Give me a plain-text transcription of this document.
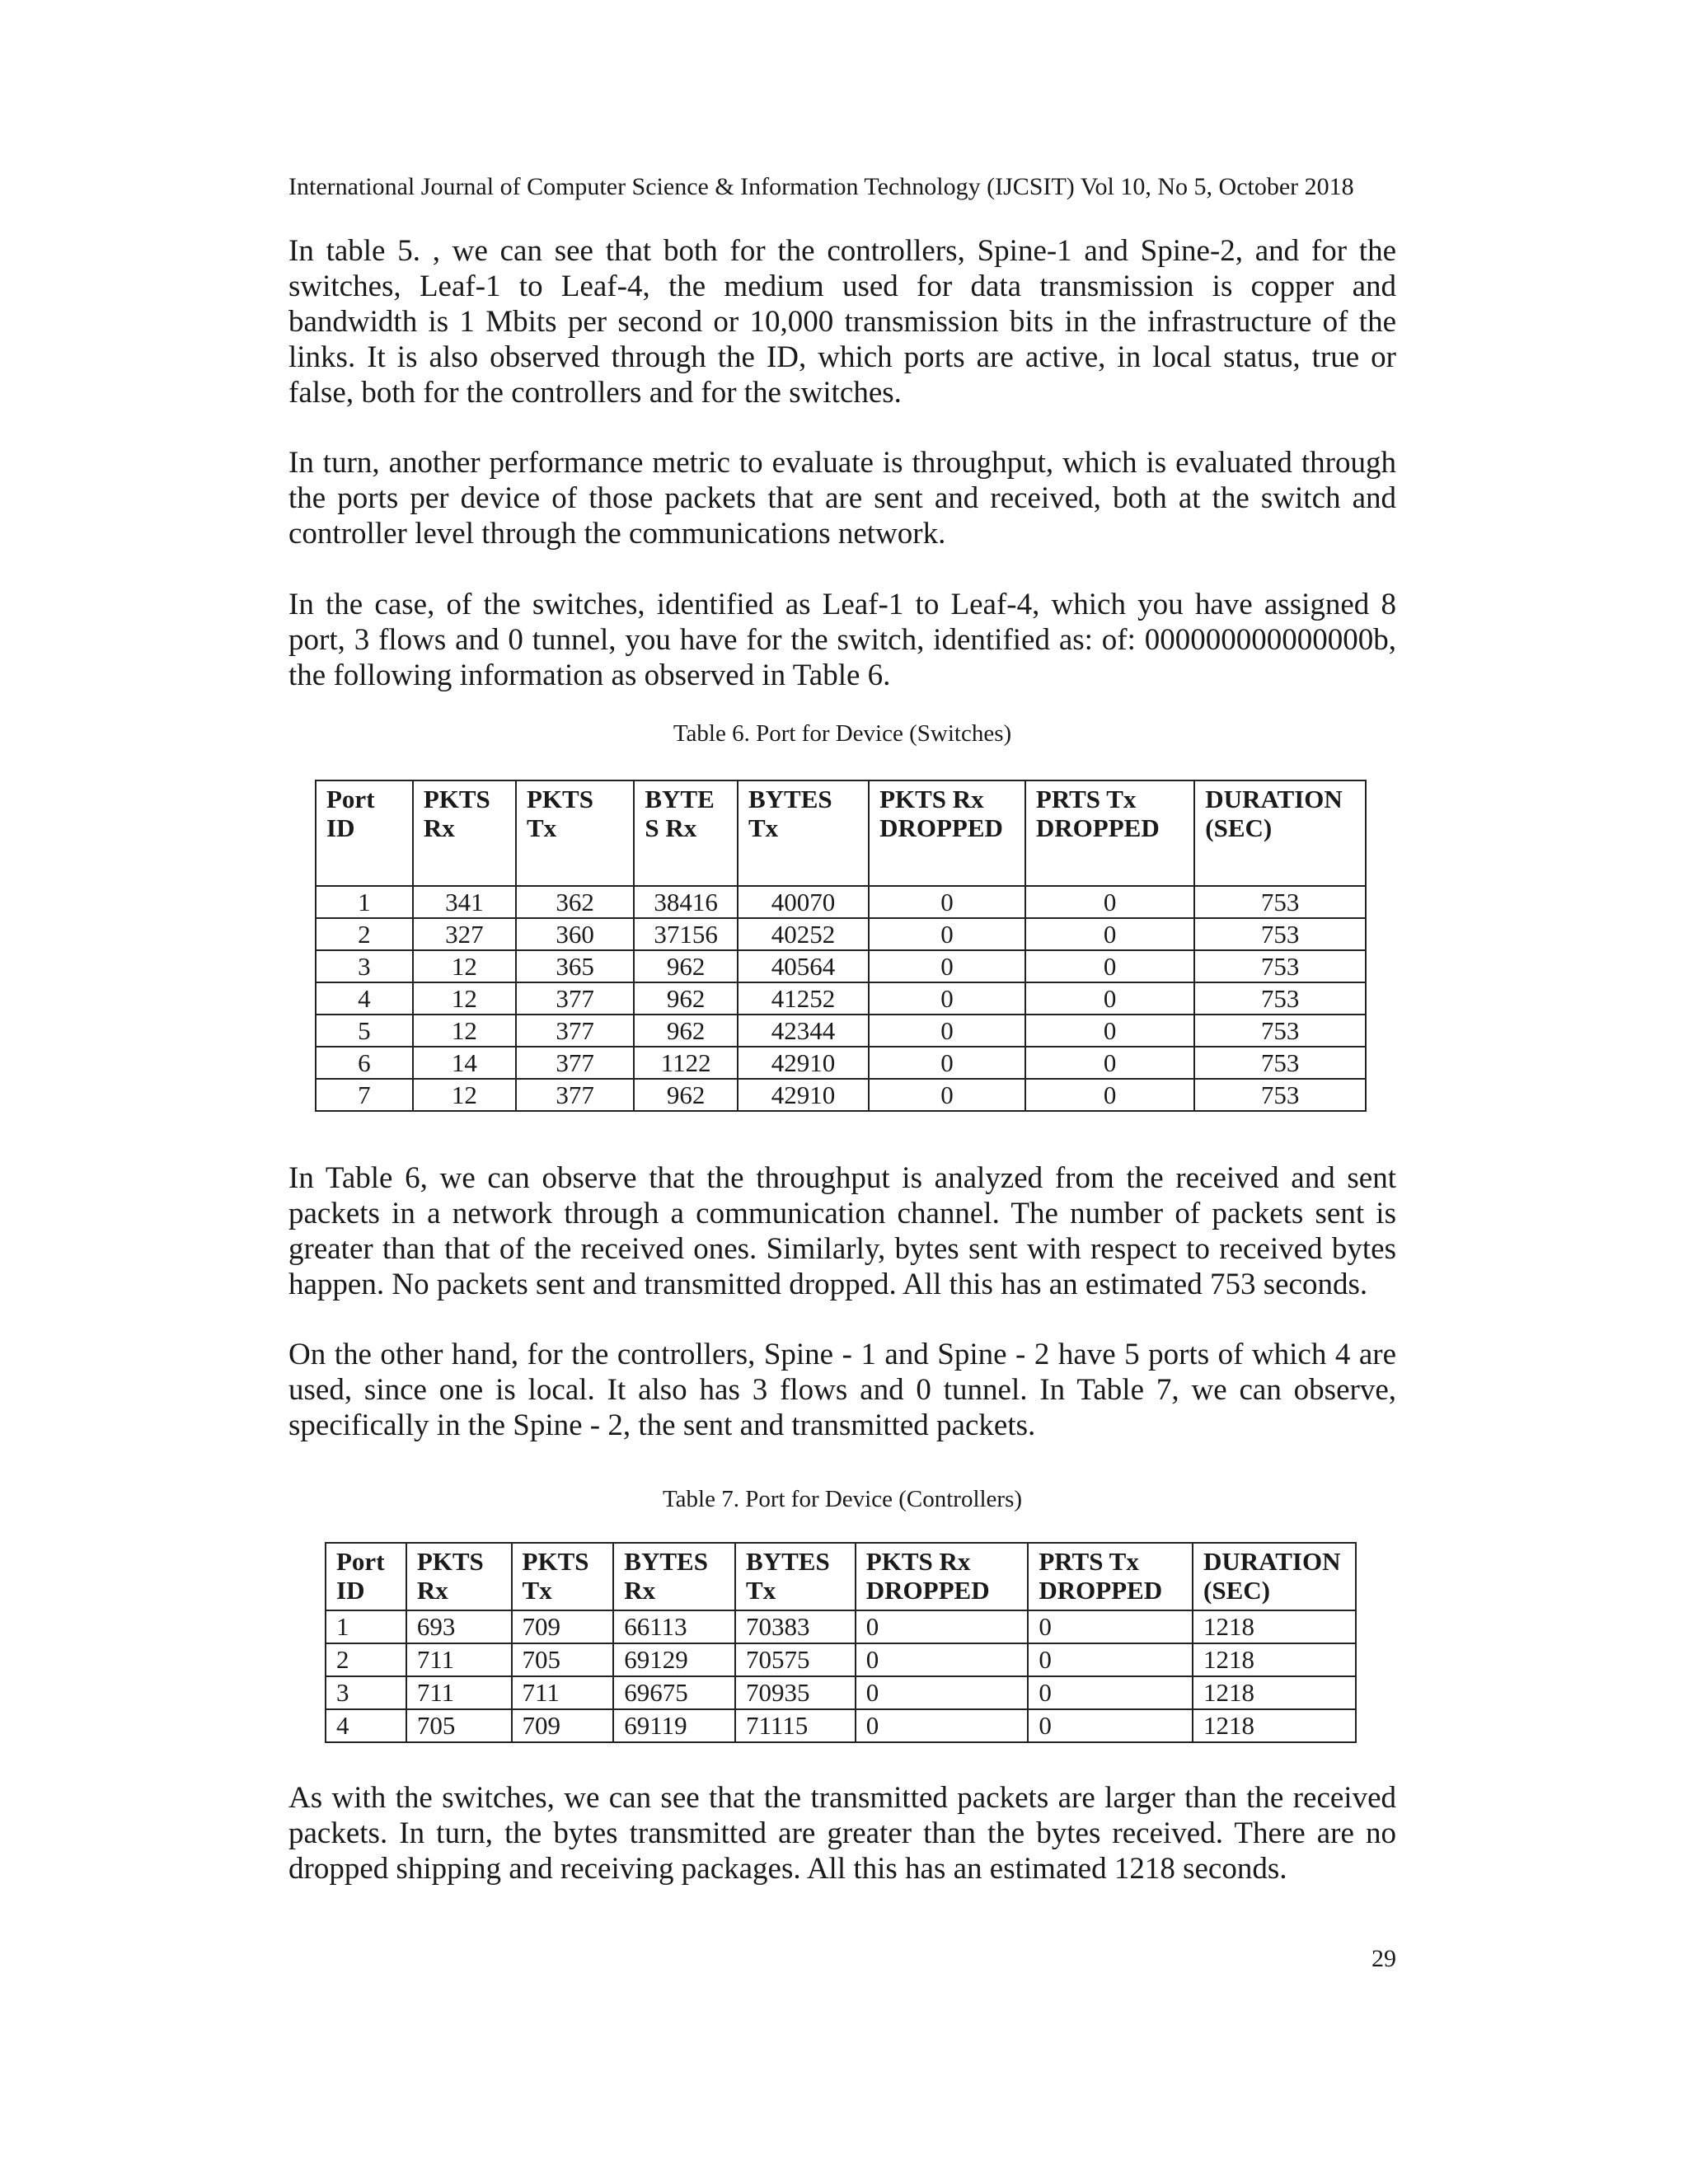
International Journal of Computer Science & Information Technology (IJCSIT) Vol 10, No 5, October 2018

In table 5. , we can see that both for the controllers, Spine-1 and Spine-2, and for the switches, Leaf-1 to Leaf-4, the medium used for data transmission is copper and bandwidth is 1 Mbits per second or 10,000 transmission bits in the infrastructure of the links. It is also observed through the ID, which ports are active, in local status, true or false, both for the controllers and for the switches.

In turn, another performance metric to evaluate is throughput, which is evaluated through the ports per device of those packets that are sent and received, both at the switch and controller level through the communications network.

In the case, of the switches, identified as Leaf-1 to Leaf-4, which you have assigned 8 port, 3 flows and 0 tunnel, you have for the switch, identified as: of: 000000000000000b, the following information as observed in Table 6.

Table 6. Port for Device (Switches)

Port ID	PKTS Rx	PKTS Tx	BYTE S Rx	BYTES Tx	PKTS Rx DROPPED	PRTS Tx DROPPED	DURATION (SEC)
1	341	362	38416	40070	0	0	753
2	327	360	37156	40252	0	0	753
3	12	365	962	40564	0	0	753
4	12	377	962	41252	0	0	753
5	12	377	962	42344	0	0	753
6	14	377	1122	42910	0	0	753
7	12	377	962	42910	0	0	753

In Table 6, we can observe that the throughput is analyzed from the received and sent packets in a network through a communication channel. The number of packets sent is greater than that of the received ones. Similarly, bytes sent with respect to received bytes happen. No packets sent and transmitted dropped. All this has an estimated 753 seconds.

On the other hand, for the controllers, Spine - 1 and Spine - 2 have 5 ports of which 4 are used, since one is local. It also has 3 flows and 0 tunnel. In Table 7, we can observe, specifically in the Spine - 2, the sent and transmitted packets.

Table 7. Port for Device (Controllers)

Port ID	PKTS Rx	PKTS Tx	BYTES Rx	BYTES Tx	PKTS Rx DROPPED	PRTS Tx DROPPED	DURATION (SEC)
1	693	709	66113	70383	0	0	1218
2	711	705	69129	70575	0	0	1218
3	711	711	69675	70935	0	0	1218
4	705	709	69119	71115	0	0	1218

As with the switches, we can see that the transmitted packets are larger than the received packets. In turn, the bytes transmitted are greater than the bytes received. There are no dropped shipping and receiving packages. All this has an estimated 1218 seconds.

29
